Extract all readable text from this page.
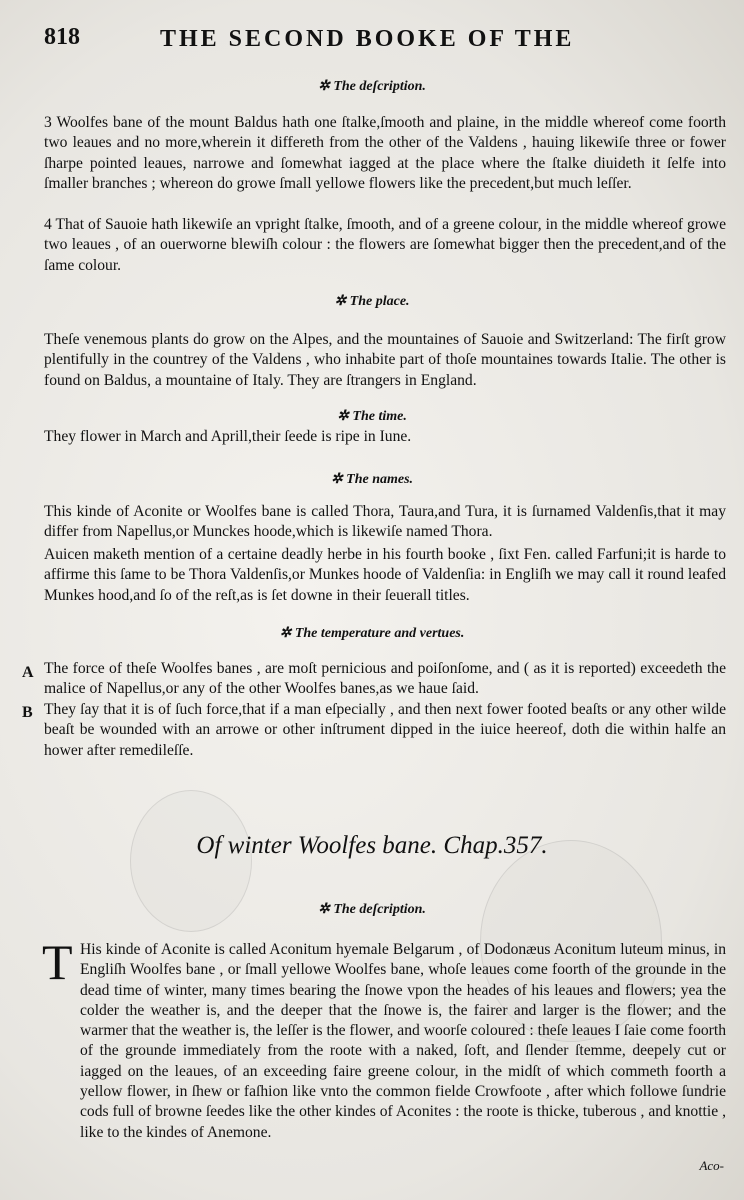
818	THE SECOND BOOKE OF THE
✲ The deſcription.
3 Woolfes bane of the mount Baldus hath one ſtalke,ſmooth and plaine, in the middle whereof come foorth two leaues and no more,wherein it differeth from the other of the Valdens , hauing likewiſe three or fower ſharpe pointed leaues, narrowe and ſomewhat iagged at the place where the ſtalke diuideth it ſelfe into ſmaller branches ; whereon do growe ſmall yellowe flowers like the precedent,but much leſſer.
4 That of Sauoie hath likewiſe an vpright ſtalke, ſmooth, and of a greene colour, in the middle whereof growe two leaues , of an ouerworne blewiſh colour : the flowers are ſomewhat bigger then the precedent,and of the ſame colour.
✲ The place.
Theſe venemous plants do grow on the Alpes, and the mountaines of Sauoie and Switzerland: The firſt grow plentifully in the countrey of the Valdens , who inhabite part of thoſe mountaines towards Italie. The other is found on Baldus, a mountaine of Italy. They are ſtrangers in England.
✲ The time.
They flower in March and Aprill,their ſeede is ripe in Iune.
✲ The names.
This kinde of Aconite or Woolfes bane is called Thora, Taura,and Tura, it is ſurnamed Valdenſis,that it may differ from Napellus,or Munckes hoode,which is likewiſe named Thora.
Auicen maketh mention of a certaine deadly herbe in his fourth booke , ſixt Fen. called Farfuni;it is harde to affirme this ſame to be Thora Valdenſis,or Munkes hoode of Valdenſia: in Engliſh we may call it round leafed Munkes hood,and ſo of the reſt,as is ſet downe in their ſeuerall titles.
✲ The temperature and vertues.
A The force of theſe Woolfes banes , are moſt pernicious and poiſonſome, and ( as it is reported) exceedeth the malice of Napellus,or any of the other Woolfes banes,as we haue ſaid.
B They ſay that it is of ſuch force,that if a man eſpecially , and then next fower footed beaſts or any other wilde beaſt be wounded with an arrowe or other inſtrument dipped in the iuice heereof, doth die within halfe an hower after remedileſſe.
Of winter Woolfes bane. Chap.357.
✲ The deſcription.
T His kinde of Aconite is called Aconitum hyemale Belgarum , of Dodonæus Aconitum luteum minus, in Engliſh Woolfes bane , or ſmall yellowe Woolfes bane, whoſe leaues come foorth of the grounde in the dead time of winter, many times bearing the ſnowe vpon the heades of his leaues and flowers; yea the colder the weather is, and the deeper that the ſnowe is, the fairer and larger is the flower; and the warmer that the weather is, the leſſer is the flower, and woorſe coloured : theſe leaues I ſaie come foorth of the grounde immediately from the roote with a naked, ſoft, and ſlender ſtemme, deepely cut or iagged on the leaues, of an exceeding faire greene colour, in the midſt of which commeth foorth a yellow flower, in ſhew or faſhion like vnto the common fielde Crowfoote , after which followe ſundrie cods full of browne ſeedes like the other kindes of Aconites : the roote is thicke, tuberous , and knottie , like to the kindes of Anemone.
Aco-
